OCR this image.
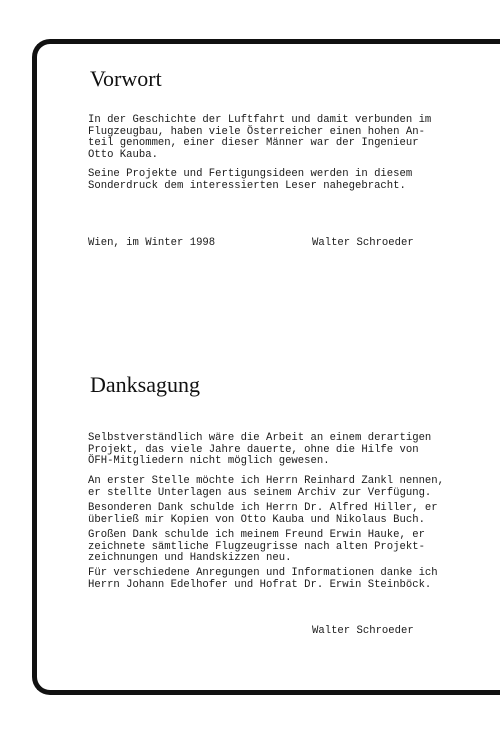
Vorwort

In der Geschichte der Luftfahrt und damit verbunden im
Flugzeugbau, haben viele Österreicher einen hohen An-
teil genommen, einer dieser Männer war der Ingenieur
Otto Kauba.

Seine Projekte und Fertigungsideen werden in diesem
Sonderdruck dem interessierten Leser nahegebracht.

Wien, im Winter 1998	Walter Schroeder

Danksagung

Selbstverständlich wäre die Arbeit an einem derartigen
Projekt, das viele Jahre dauerte, ohne die Hilfe von
ÖFH-Mitgliedern nicht möglich gewesen.

An erster Stelle möchte ich Herrn Reinhard Zankl nennen,
er stellte Unterlagen aus seinem Archiv zur Verfügung.

Besonderen Dank schulde ich Herrn Dr. Alfred Hiller, er
überließ mir Kopien von Otto Kauba und Nikolaus Buch.

Großen Dank schulde ich meinem Freund Erwin Hauke, er
zeichnete sämtliche Flugzeugrisse nach alten Projekt-
zeichnungen und Handskizzen neu.

Für verschiedene Anregungen und Informationen danke ich
Herrn Johann Edelhofer und Hofrat Dr. Erwin Steinböck.

Walter Schroeder
